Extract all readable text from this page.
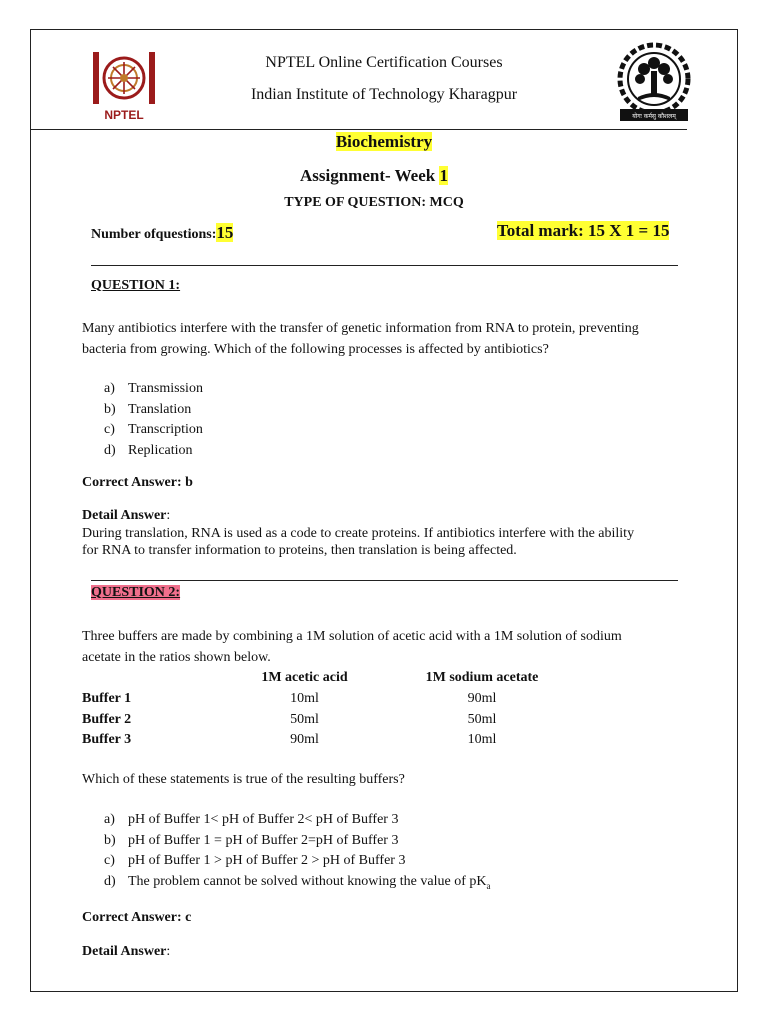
NPTEL	योगः कर्मसु कौशलम्
NPTEL Online Certification Courses
Indian Institute of Technology Kharagpur
Biochemistry
Assignment- Week 1
TYPE OF QUESTION: MCQ
Number ofquestions:15	Total mark: 15 X 1 = 15
QUESTION 1:
Many antibiotics interfere with the transfer of genetic information from RNA to protein, preventing
bacteria from growing. Which of the following processes is affected by antibiotics?
a) Transmission
b) Translation
c) Transcription
d) Replication
Correct Answer: b
Detail Answer:
During translation, RNA is used as a code to create proteins. If antibiotics interfere with the ability
for RNA to transfer information to proteins, then translation is being affected.
QUESTION 2:
Three buffers are made by combining a 1M solution of acetic acid with a 1M solution of sodium
acetate in the ratios shown below.
	1M acetic acid		1M sodium acetate
Buffer 1	10ml		90ml
Buffer 2	50ml		50ml
Buffer 3	90ml		10ml
Which of these statements is true of the resulting buffers?
a) pH of Buffer 1< pH of Buffer 2< pH of Buffer 3
b) pH of Buffer 1 = pH of Buffer 2=pH of Buffer 3
c) pH of Buffer 1 > pH of Buffer 2 > pH of Buffer 3
d) The problem cannot be solved without knowing the value of $pK_a$
Correct Answer: c
Detail Answer:
